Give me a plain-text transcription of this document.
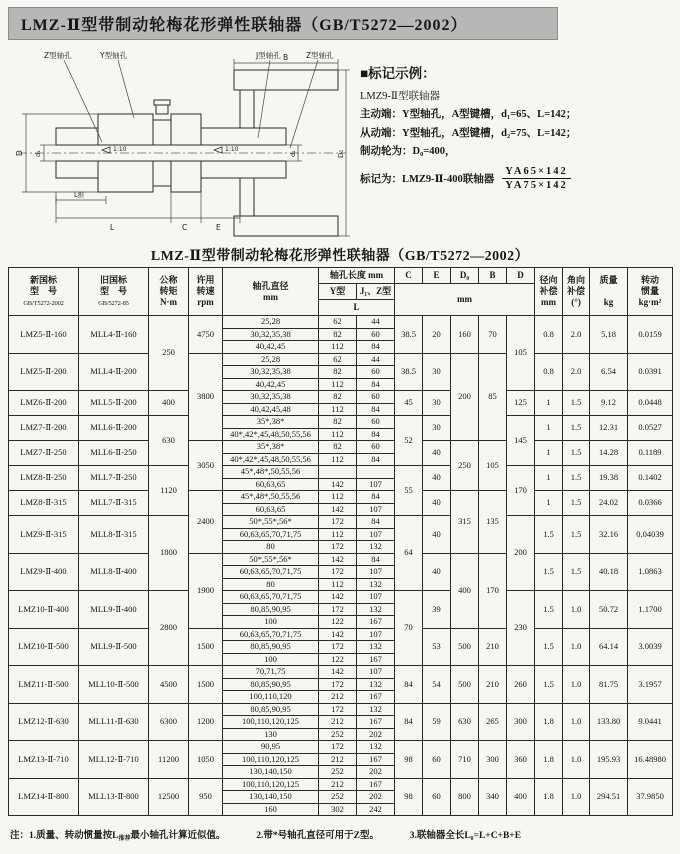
LMZ-Ⅱ型带制动轮梅花形弹性联轴器（GB/T5272—2002）
1:10	1:10
Z型轴孔	Y型轴孔	J型轴孔	Z型轴孔
B
D d₁	d₂	D₀
L推
L	C	E
■标记示例：
LMZ9-Ⅱ型联轴器
主动端：Y型轴孔，A型键槽，d₁=65、L=142；
从动端：Y型轴孔，A型键槽，d₂=75、L=142；
制动轮为：D₀=400，
标记为：LMZ9-Ⅱ-400联轴器 $\frac{YA65\times 142}{YA75\times 142}$
LMZ-Ⅱ型带制动轮梅花形弹性联轴器（GB/T5272—2002）
新国标
型　号
GB/T5272-2002	旧国标
型　号
GB/5272-85	公称
转矩
N·m	许用
转速
rpm	轴孔直径
mm	轴孔长度 mm		C	E	D₀	B	D	径向
补偿
mm	角向
补偿
(°)	质量

kg	转动
惯量
kg·m²
					Y型	J₁、Z型	mm								
					L										
LMZ5-Ⅱ-160	MLL4-Ⅱ-160	250	4750	25,28	62	44	38.5	20	160	70	105	0.8	2.0	5.18	0.0159
				30,32,35,38	82	60									
				40,42,45	112	84									
LMZ5-Ⅱ-200	MLL4-Ⅱ-200		3800	25,28	62	44	38.5	30	200	85		0.8	2.0	6.54	0.0391
				30,32,35,38	82	60									
				40,42,45	112	84									
LMZ6-Ⅱ-200	MLL5-Ⅱ-200	400		30,32,35,38	82	60	45	30			125	1	1.5	9.12	0.0448
				40,42,45,48	112	84									
LMZ7-Ⅱ-200	MLL6-Ⅱ-200	630		35*,38*	82	60	52	30			145	1	1.5	12.31	0.0527
				40*,42*,45,48,50,55,56	112	84									
LMZ7-Ⅱ-250	MLL6-Ⅱ-250		3050	35*,38*	82	60		40	250	105		1	1.5	14.28	0.1189
				40*,42*,45,48,50,55,56	112	84									
LMZ8-Ⅱ-250	MLL7-Ⅱ-250	1120		45*,48*,50,55,56			55	40			170	1	1.5	19.38	0.1402
				60,63,65	142	107									
LMZ8-Ⅱ-315	MLL7-Ⅱ-315		2400	45*,48*,50,55,56	112	84		40	315	135		1	1.5	24.02	0.0366
				60,63,65	142	107									
LMZ9-Ⅱ-315	MLL8-Ⅱ-315	1800		50*,55*,56*	172	84	64	40			200	1.5	1.5	32.16	0.04039
				60,63,65,70,71,75	112	107									
				80	172	132									
LMZ9-Ⅱ-400	MLL8-Ⅱ-400		1900	50*,55*,56*	142	84		40	400	170		1.5	1.5	40.18	1.0863
				60,63,65,70,71,75	172	107									
				80	112	132									
LMZ10-Ⅱ-400	MLL9-Ⅱ-400	2800		60,63,65,70,71,75	142	107	70	39			230	1.5	1.0	50.72	1.1700
				80,85,90,95	172	132									
				100	122	167									
LMZ10-Ⅱ-500	MLL9-Ⅱ-500		1500	60,63,65,70,71,75	142	107		53	500	210		1.5	1.0	64.14	3.0039
				80,85,90,95	172	132									
				100	122	167									
LMZ11-Ⅱ-500	MLL10-Ⅱ-500	4500	1500	70,71,75	142	107	84	54	500	210	260	1.5	1.0	81.75	3.1957
				80,85,90,95	172	132									
				100,110,120	212	167									
LMZ12-Ⅱ-630	MLL11-Ⅱ-630	6300	1200	80,85,90,95	172	132	84	59	630	265	300	1.8	1.0	133.80	9.0441
				100,110,120,125	212	167									
				130	252	202									
LMZ13-Ⅱ-710	MLL12-Ⅱ-710	11200	1050	90,95	172	132	98	60	710	300	360	1.8	1.0	195.93	16.48980
				100,110,120,125	212	167									
				130,140,150	252	202									
LMZ14-Ⅱ-800	MLL13-Ⅱ-800	12500	950	100,110,120,125	212	167	98	60	800	340	400	1.8	1.0	294.51	37.9850
				130,140,150	252	202									
				160	302	242									
注：1.质量、转动惯量按$L_{推荐}$最小轴孔计算近似值。	2.带*号轴孔直径可用于Z型。	3.联轴器全长L₀=L+C+B+E
